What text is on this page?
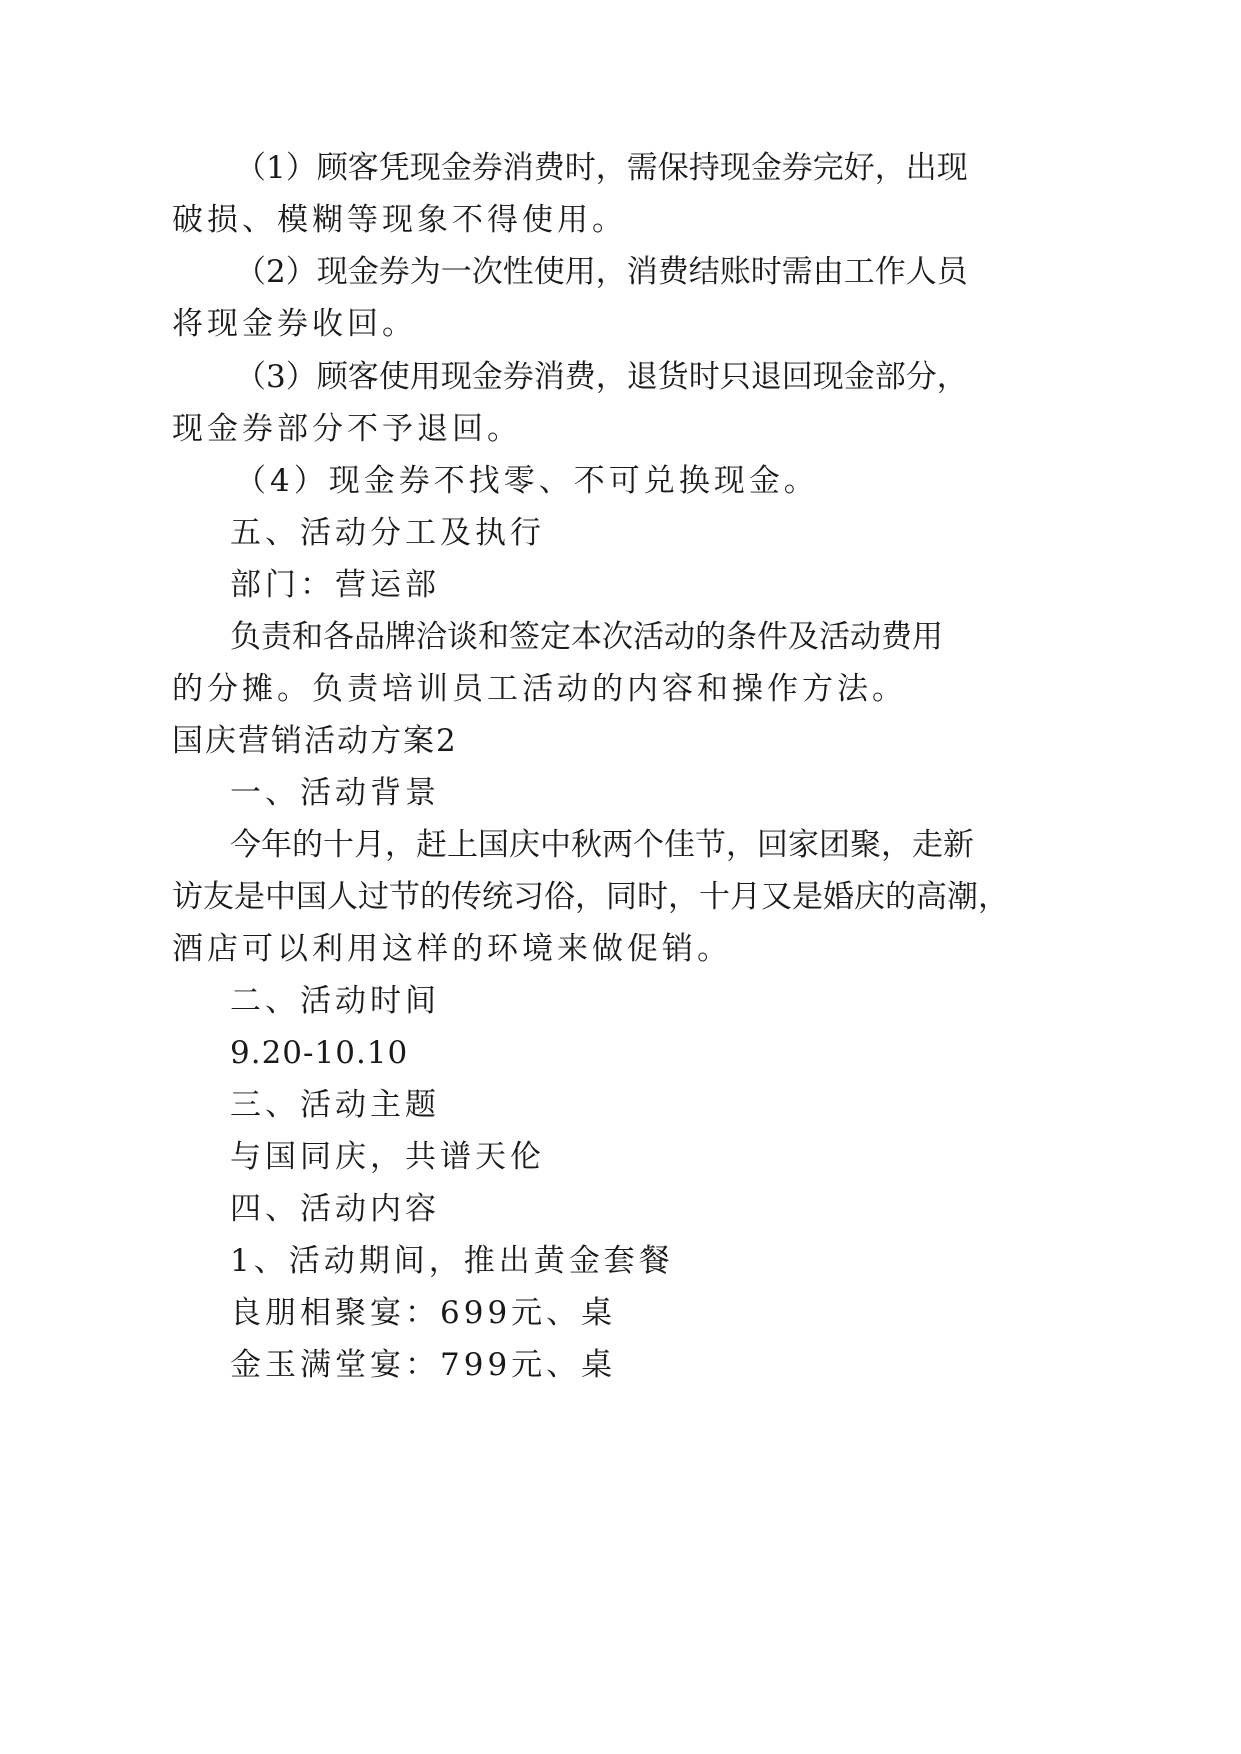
（1）顾客凭现金券消费时，需保持现金券完好，出现
破损、模糊等现象不得使用。
（2）现金券为一次性使用，消费结账时需由工作人员
将现金券收回。
（3）顾客使用现金券消费，退货时只退回现金部分，
现金券部分不予退回。
（4）现金券不找零、不可兑换现金。
五、活动分工及执行
部门：营运部
负责和各品牌洽谈和签定本次活动的条件及活动费用
的分摊。负责培训员工活动的内容和操作方法。
国庆营销活动方案2
一、活动背景
今年的十月，赶上国庆中秋两个佳节，回家团聚，走新
访友是中国人过节的传统习俗，同时，十月又是婚庆的高潮，
酒店可以利用这样的环境来做促销。
二、活动时间
9.20-10.10
三、活动主题
与国同庆，共谱天伦
四、活动内容
1、活动期间，推出黄金套餐
良朋相聚宴：699元、桌
金玉满堂宴：799元、桌
